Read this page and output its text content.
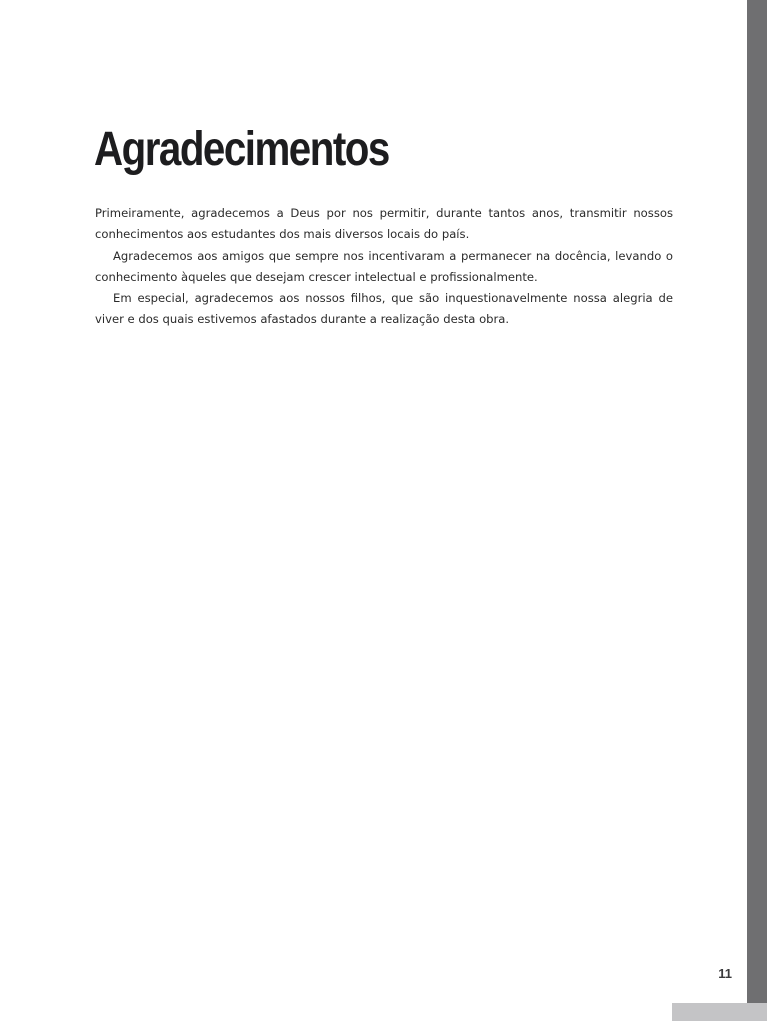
Agradecimentos

Primeiramente, agradecemos a Deus por nos permitir, durante tantos anos, transmitir nossos conhecimentos aos estudantes dos mais diversos locais do país.

Agradecemos aos amigos que sempre nos incentivaram a permanecer na docência, levando o conhecimento àqueles que desejam crescer intelectual e profissionalmente.

Em especial, agradecemos aos nossos filhos, que são inquestionavelmente nossa alegria de viver e dos quais estivemos afastados durante a realização desta obra.

11
